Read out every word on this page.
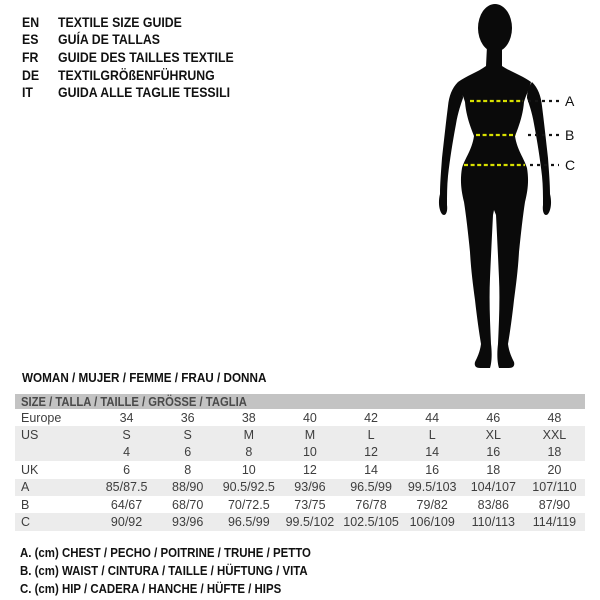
EN	TEXTILE SIZE GUIDE
ES	GUÍA DE TALLAS
FR	GUIDE DES TAILLES TEXTILE
DE	TEXTILGRÖßENFÜHRUNG
IT	GUIDA ALLE TAGLIE TESSILI
A
B
C
WOMAN / MUJER / FEMME / FRAU / DONNA
SIZE / TALLA / TAILLE / GRÖSSE / TAGLIA
Europe	34	36	38	40	42	44	46	48
US	S	S	M	M	L	L	XL	XXL
4	6	8	10	12	14	16	18
UK	6	8	10	12	14	16	18	20
A	85/87.5	88/90	90.5/92.5	93/96	96.5/99	99.5/103	104/107	107/110
B	64/67	68/70	70/72.5	73/75	76/78	79/82	83/86	87/90
C	90/92	93/96	96.5/99	99.5/102 102.5/105 106/109	110/113	114/119
A. (cm) CHEST / PECHO / POITRINE / TRUHE / PETTO
B. (cm) WAIST / CINTURA / TAILLE / HÜFTUNG / VITA
C. (cm) HIP / CADERA / HANCHE / HÜFTE / HIPS
